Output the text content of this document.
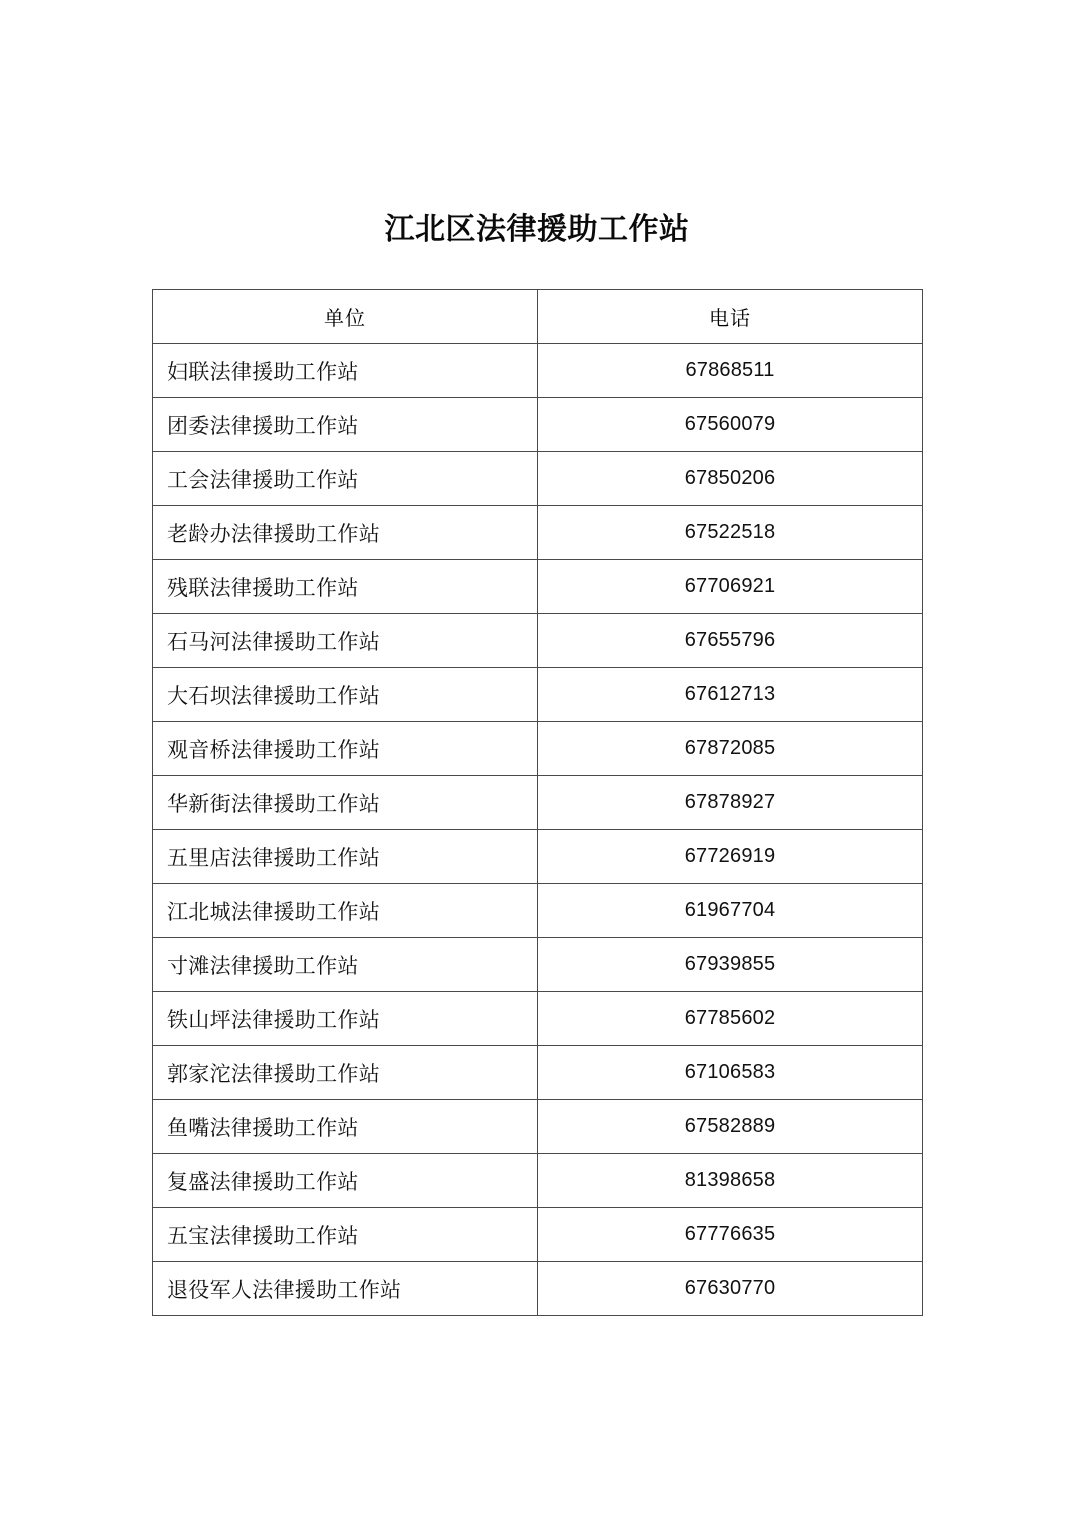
江北区法律援助工作站
单位	电话
妇联法律援助工作站	67868511
团委法律援助工作站	67560079
工会法律援助工作站	67850206
老龄办法律援助工作站	67522518
残联法律援助工作站	67706921
石马河法律援助工作站	67655796
大石坝法律援助工作站	67612713
观音桥法律援助工作站	67872085
华新街法律援助工作站	67878927
五里店法律援助工作站	67726919
江北城法律援助工作站	61967704
寸滩法律援助工作站	67939855
铁山坪法律援助工作站	67785602
郭家沱法律援助工作站	67106583
鱼嘴法律援助工作站	67582889
复盛法律援助工作站	81398658
五宝法律援助工作站	67776635
退役军人法律援助工作站	67630770
